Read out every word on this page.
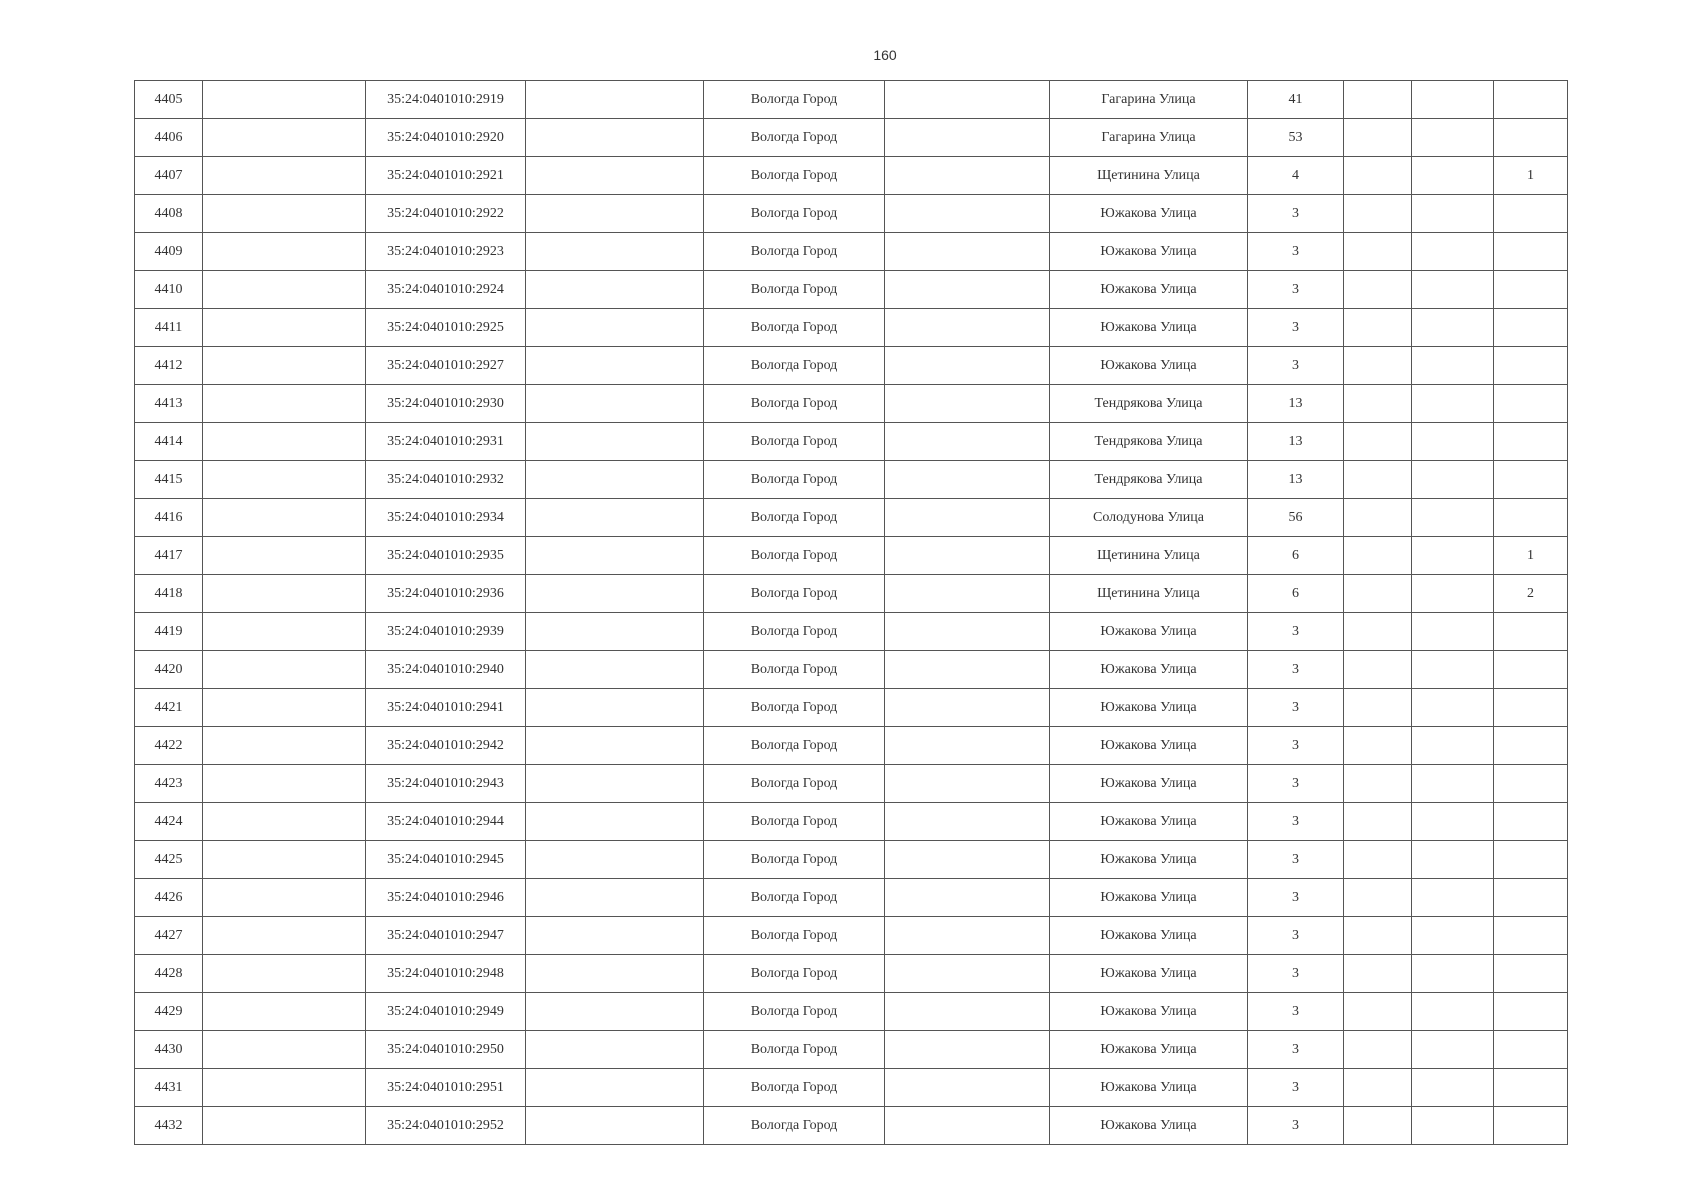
160
4405		35:24:0401010:2919		Вологда Город		Гагарина Улица	41			
4406		35:24:0401010:2920		Вологда Город		Гагарина Улица	53			
4407		35:24:0401010:2921		Вологда Город		Щетинина Улица	4			1
4408		35:24:0401010:2922		Вологда Город		Южакова Улица	3			
4409		35:24:0401010:2923		Вологда Город		Южакова Улица	3			
4410		35:24:0401010:2924		Вологда Город		Южакова Улица	3			
4411		35:24:0401010:2925		Вологда Город		Южакова Улица	3			
4412		35:24:0401010:2927		Вологда Город		Южакова Улица	3			
4413		35:24:0401010:2930		Вологда Город		Тендрякова Улица	13			
4414		35:24:0401010:2931		Вологда Город		Тендрякова Улица	13			
4415		35:24:0401010:2932		Вологда Город		Тендрякова Улица	13			
4416		35:24:0401010:2934		Вологда Город		Солодунова Улица	56			
4417		35:24:0401010:2935		Вологда Город		Щетинина Улица	6			1
4418		35:24:0401010:2936		Вологда Город		Щетинина Улица	6			2
4419		35:24:0401010:2939		Вологда Город		Южакова Улица	3			
4420		35:24:0401010:2940		Вологда Город		Южакова Улица	3			
4421		35:24:0401010:2941		Вологда Город		Южакова Улица	3			
4422		35:24:0401010:2942		Вологда Город		Южакова Улица	3			
4423		35:24:0401010:2943		Вологда Город		Южакова Улица	3			
4424		35:24:0401010:2944		Вологда Город		Южакова Улица	3			
4425		35:24:0401010:2945		Вологда Город		Южакова Улица	3			
4426		35:24:0401010:2946		Вологда Город		Южакова Улица	3			
4427		35:24:0401010:2947		Вологда Город		Южакова Улица	3			
4428		35:24:0401010:2948		Вологда Город		Южакова Улица	3			
4429		35:24:0401010:2949		Вологда Город		Южакова Улица	3			
4430		35:24:0401010:2950		Вологда Город		Южакова Улица	3			
4431		35:24:0401010:2951		Вологда Город		Южакова Улица	3			
4432		35:24:0401010:2952		Вологда Город		Южакова Улица	3			
